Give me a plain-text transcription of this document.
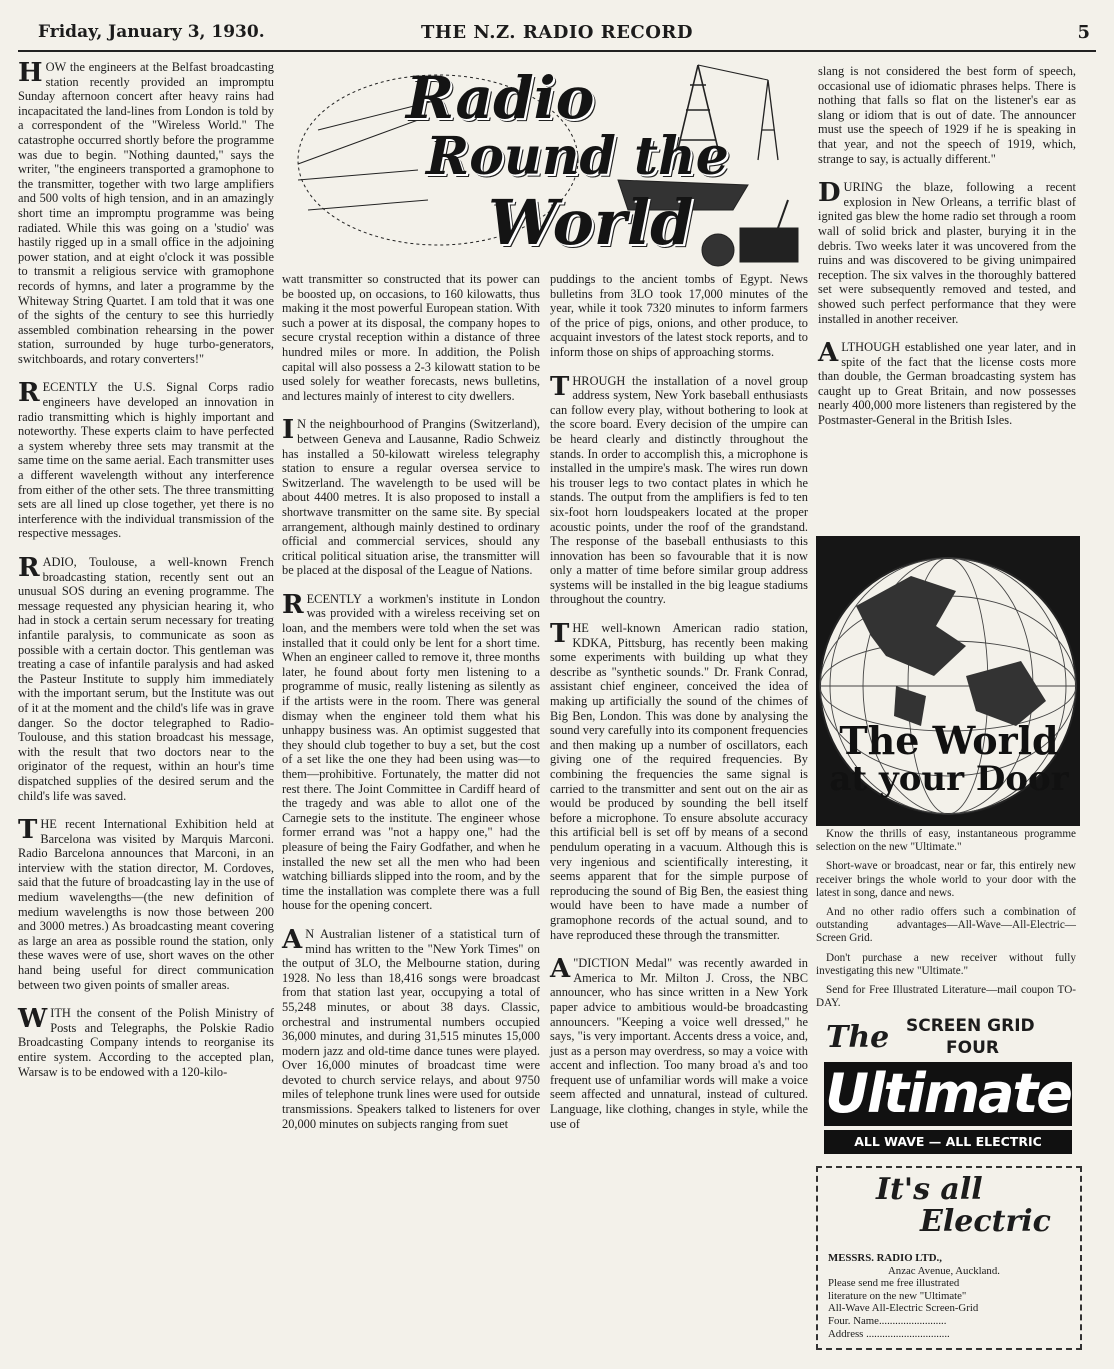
Friday, January 3, 1930.	THE N.Z. RADIO RECORD	5
Radio
Round the
World

HOW the engineers at the Belfast broadcasting station recently provided an impromptu Sunday afternoon concert after heavy rains had incapacitated the land-lines from London is told by a correspondent of the "Wireless World." The catastrophe occurred shortly before the programme was due to begin. "Nothing daunted," says the writer, "the engineers transported a gramophone to the transmitter, together with two large amplifiers and 500 volts of high tension, and in an amazingly short time an impromptu programme was being radiated. While this was going on a 'studio' was hastily rigged up in a small office in the adjoining power station, and at eight o'clock it was possible to transmit a religious service with gramophone records of hymns, and later a programme by the Whiteway String Quartet. I am told that it was one of the sights of the century to see this hurriedly assembled combination rehearsing in the power station, surrounded by huge turbo-generators, switchboards, and rotary converters!"

RECENTLY the U.S. Signal Corps radio engineers have developed an innovation in radio transmitting which is highly important and noteworthy. These experts claim to have perfected a system whereby three sets may transmit at the same time on the same aerial. Each transmitter uses a different wavelength without any interference from either of the other sets. The three transmitting sets are all lined up close together, yet there is no interference with the individual transmission of the respective messages.

RADIO, Toulouse, a well-known French broadcasting station, recently sent out an unusual SOS during an evening programme. The message requested any physician hearing it, who had in stock a certain serum necessary for treating infantile paralysis, to communicate as soon as possible with a certain doctor. This gentleman was treating a case of infantile paralysis and had asked the Pasteur Institute to supply him immediately with the important serum, but the Institute was out of it at the moment and the child's life was in grave danger. So the doctor telegraphed to Radio-Toulouse, and this station broadcast his message, with the result that two doctors near to the originator of the request, within an hour's time dispatched supplies of the desired serum and the child's life was saved.

THE recent International Exhibition held at Barcelona was visited by Marquis Marconi. Radio Barcelona announces that Marconi, in an interview with the station director, M. Cordoves, said that the future of broadcasting lay in the use of medium wavelengths—(the new definition of medium wavelengths is now those between 200 and 3000 metres.) As broadcasting meant covering as large an area as possible round the station, only these waves were of use, short waves on the other hand being useful for direct communication between two given points of smaller areas.

WITH the consent of the Polish Ministry of Posts and Telegraphs, the Polskie Radio Broadcasting Company intends to reorganise its entire system. According to the accepted plan, Warsaw is to be endowed with a 120-kilo-

watt transmitter so constructed that its power can be boosted up, on occasions, to 160 kilowatts, thus making it the most powerful European station. With such a power at its disposal, the company hopes to secure crystal reception within a distance of three hundred miles or more. In addition, the Polish capital will also possess a 2-3 kilowatt station to be used solely for weather forecasts, news bulletins, and lectures mainly of interest to city dwellers.

I N the neighbourhood of Prangins (Switzerland), between Geneva and Lausanne, Radio Schweiz has installed a 50-kilowatt wireless telegraphy station to ensure a regular oversea service to Switzerland. The wavelength to be used will be about 4400 metres. It is also proposed to install a shortwave transmitter on the same site. By special arrangement, although mainly destined to ordinary official and commercial services, should any critical political situation arise, the transmitter will be placed at the disposal of the League of Nations.

RECENTLY a workmen's institute in London was provided with a wireless receiving set on loan, and the members were told when the set was installed that it could only be lent for a short time. When an engineer called to remove it, three months later, he found about forty men listening to a programme of music, really listening as silently as if the artists were in the room. There was general dismay when the engineer told them what his unhappy business was. An optimist suggested that they should club together to buy a set, but the cost of a set like the one they had been using was—to them—prohibitive. Fortunately, the matter did not rest there. The Joint Committee in Cardiff heard of the tragedy and was able to allot one of the Carnegie sets to the institute. The engineer whose former errand was "not a happy one," had the pleasure of being the Fairy Godfather, and when he installed the new set all the men who had been watching billiards slipped into the room, and by the time the installation was complete there was a full house for the opening concert.

A N Australian listener of a statistical turn of mind has written to the "New York Times" on the output of 3LO, the Melbourne station, during 1928. No less than 18,416 songs were broadcast from that station last year, occupying a total of 55,248 minutes, or about 38 days. Classic, orchestral and instrumental numbers occupied 36,000 minutes, and during 31,515 minutes 15,000 modern jazz and old-time dance tunes were played. Over 16,000 minutes of broadcast time were devoted to church service relays, and about 9750 miles of telephone trunk lines were used for outside transmissions. Speakers talked to listeners for over 20,000 minutes on subjects ranging from suet

puddings to the ancient tombs of Egypt. News bulletins from 3LO took 17,000 minutes of the year, while it took 7320 minutes to inform farmers of the price of pigs, onions, and other produce, to acquaint investors of the latest stock reports, and to inform those on ships of approaching storms.

THROUGH the installation of a novel group address system, New York baseball enthusiasts can follow every play, without bothering to look at the score board. Every decision of the umpire can be heard clearly and distinctly throughout the stands. In order to accomplish this, a microphone is installed in the umpire's mask. The wires run down his trouser legs to two contact plates in which he stands. The output from the amplifiers is fed to ten six-foot horn loudspeakers located at the proper acoustic points, under the roof of the grandstand. The response of the baseball enthusiasts to this innovation has been so favourable that it is now only a matter of time before similar group address systems will be installed in the big league stadiums throughout the country.

THE well-known American radio station, KDKA, Pittsburg, has recently been making some experiments with building up what they describe as "synthetic sounds." Dr. Frank Conrad, assistant chief engineer, conceived the idea of making up artificially the sound of the chimes of Big Ben, London. This was done by analysing the sound very carefully into its component frequencies and then making up a number of oscillators, each giving one of the required frequencies. By combining the frequencies the same signal is carried to the transmitter and sent out on the air as would be produced by sounding the bell itself before a microphone. To ensure absolute accuracy this artificial bell is set off by means of a second pendulum operating in a vacuum. Although this is very ingenious and scientifically interesting, it seems apparent that for the simple purpose of reproducing the sound of Big Ben, the easiest thing would have been to have made a number of gramophone records of the actual sound, and to have reproduced these through the transmitter.

A "DICTION Medal" was recently awarded in America to Mr. Milton J. Cross, the NBC announcer, who has since written in a New York paper advice to ambitious would-be broadcasting announcers. "Keeping a voice well dressed," he says, "is very important. Accents dress a voice, and, just as a person may overdress, so may a voice with accent and inflection. Too many broad a's and too frequent use of unfamiliar words will make a voice seem affected and unnatural, instead of cultured. Language, like clothing, changes in style, while the use of

slang is not considered the best form of speech, occasional use of idiomatic phrases helps. There is nothing that falls so flat on the listener's ear as slang or idiom that is out of date. The announcer must use the speech of 1929 if he is speaking in that year, and not the speech of 1919, which, strange to say, is actually different."

DURING the blaze, following a recent explosion in New Orleans, a terrific blast of ignited gas blew the home radio set through a room wall of solid brick and plaster, burying it in the debris. Two weeks later it was uncovered from the ruins and was discovered to be giving unimpaired reception. The six valves in the thoroughly battered set were subsequently removed and tested, and showed such perfect performance that they were installed in another receiver.

ALTHOUGH established one year later, and in spite of the fact that the license costs more than double, the German broadcasting system has caught up to Great Britain, and now possesses nearly 400,000 more listeners than registered by the Postmaster-General in the British Isles.

The World
at your Door

Know the thrills of easy, instantaneous programme selection on the new "Ultimate."

Short-wave or broadcast, near or far, this entirely new receiver brings the whole world to your door with the latest in song, dance and news.

And no other radio offers such a combination of outstanding advantages—All-Wave—All-Electric—Screen Grid.

Don't purchase a new receiver without fully investigating this new "Ultimate."

Send for Free Illustrated Literature—mail coupon TO-DAY.

The SCREEN GRID
FOUR
Ultimate
ALL WAVE — ALL ELECTRIC
It's all
Electric
MESSRS. RADIO LTD.,
Anzac Avenue, Auckland.
Please send me free illustrated
literature on the new "Ultimate"
All-Wave All-Electric Screen-Grid
Four. Name.........................
Address ...............................
